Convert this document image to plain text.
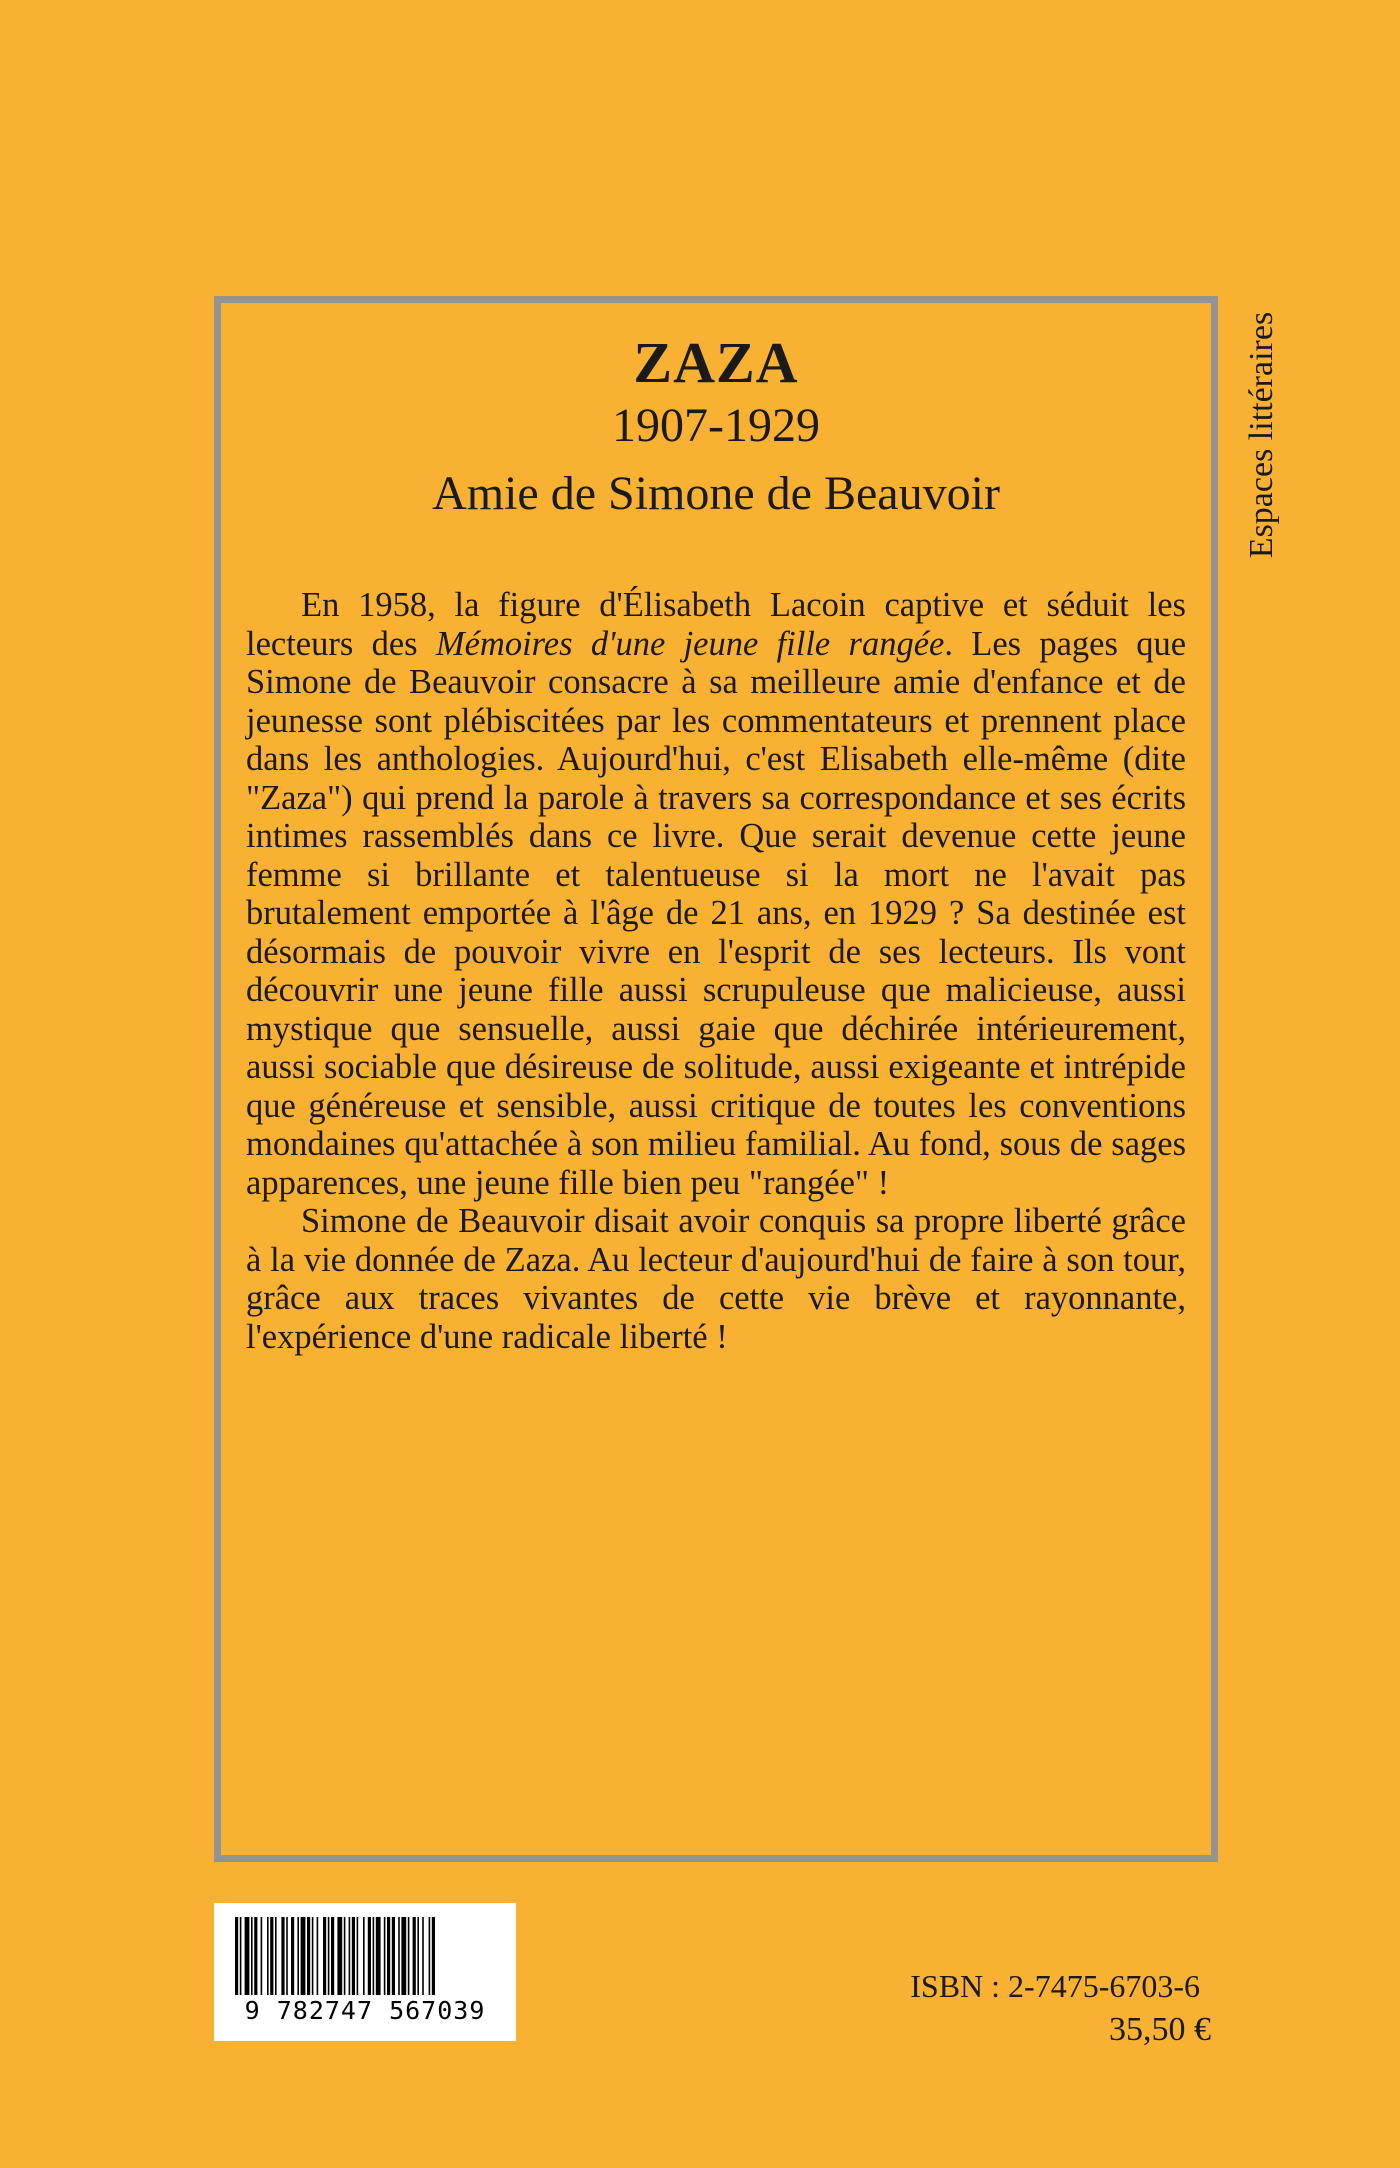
ZAZA
1907-1929
Amie de Simone de Beauvoir

En 1958, la figure d'Élisabeth Lacoin captive et séduit les lecteurs des Mémoires d'une jeune fille rangée. Les pages que Simone de Beauvoir consacre à sa meilleure amie d'enfance et de jeunesse sont plébiscitées par les commentateurs et prennent place dans les anthologies. Aujourd'hui, c'est Elisabeth elle-même (dite "Zaza") qui prend la parole à travers sa correspondance et ses écrits intimes rassemblés dans ce livre. Que serait devenue cette jeune femme si brillante et talentueuse si la mort ne l'avait pas brutalement emportée à l'âge de 21 ans, en 1929 ? Sa destinée est désormais de pouvoir vivre en l'esprit de ses lecteurs. Ils vont découvrir une jeune fille aussi scrupuleuse que malicieuse, aussi mystique que sensuelle, aussi gaie que déchirée intérieurement, aussi sociable que désireuse de solitude, aussi exigeante et intrépide que généreuse et sensible, aussi critique de toutes les conventions mondaines qu'attachée à son milieu familial. Au fond, sous de sages apparences, une jeune fille bien peu "rangée" !

Simone de Beauvoir disait avoir conquis sa propre liberté grâce à la vie donnée de Zaza. Au lecteur d'aujourd'hui de faire à son tour, grâce aux traces vivantes de cette vie brève et rayonnante, l'expérience d'une radicale liberté !

Espaces littéraires
9 782747 567039
ISBN : 2-7475-6703-6
35,50 €
